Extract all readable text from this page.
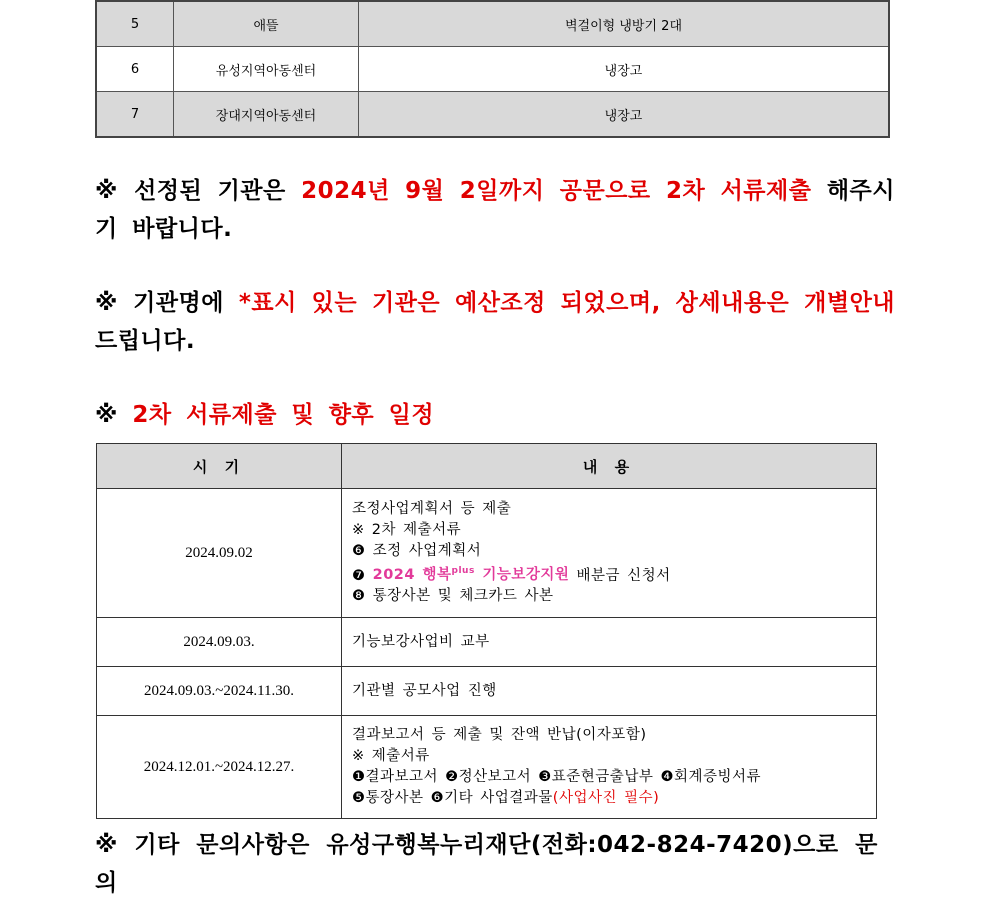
5	애뜰	벽걸이형 냉방기 2대
6	유성지역아동센터	냉장고
7	장대지역아동센터	냉장고
※ 선정된 기관은 2024년 9월 2일까지 공문으로 2차 서류제출 해주시기 바랍니다.
※ 기관명에 *표시 있는 기관은 예산조정 되었으며, 상세내용은 개별안내 드립니다.
※ 2차 서류제출 및 향후 일정
시 기	내 용
2024.09.02	조정사업계획서 등 제출
※ 2차 제출서류
❻ 조정 사업계획서
❼ 2024 행복$^{plus}$ 기능보강지원 배분금 신청서
❽ 통장사본 및 체크카드 사본

2024.09.03.	기능보강사업비 교부
2024.09.03.~2024.11.30.	기관별 공모사업 진행
2024.12.01.~2024.12.27.	결과보고서 등 제출 및 잔액 반납(이자포함)
※ 제출서류
❶결과보고서 ❷정산보고서 ❸표준현금출납부 ❹회계증빙서류
❺통장사본 ❻기타 사업결과물(사업사진 필수)
※ 기타 문의사항은 유성구행복누리재단(전화:042-824-7420)으로 문의
